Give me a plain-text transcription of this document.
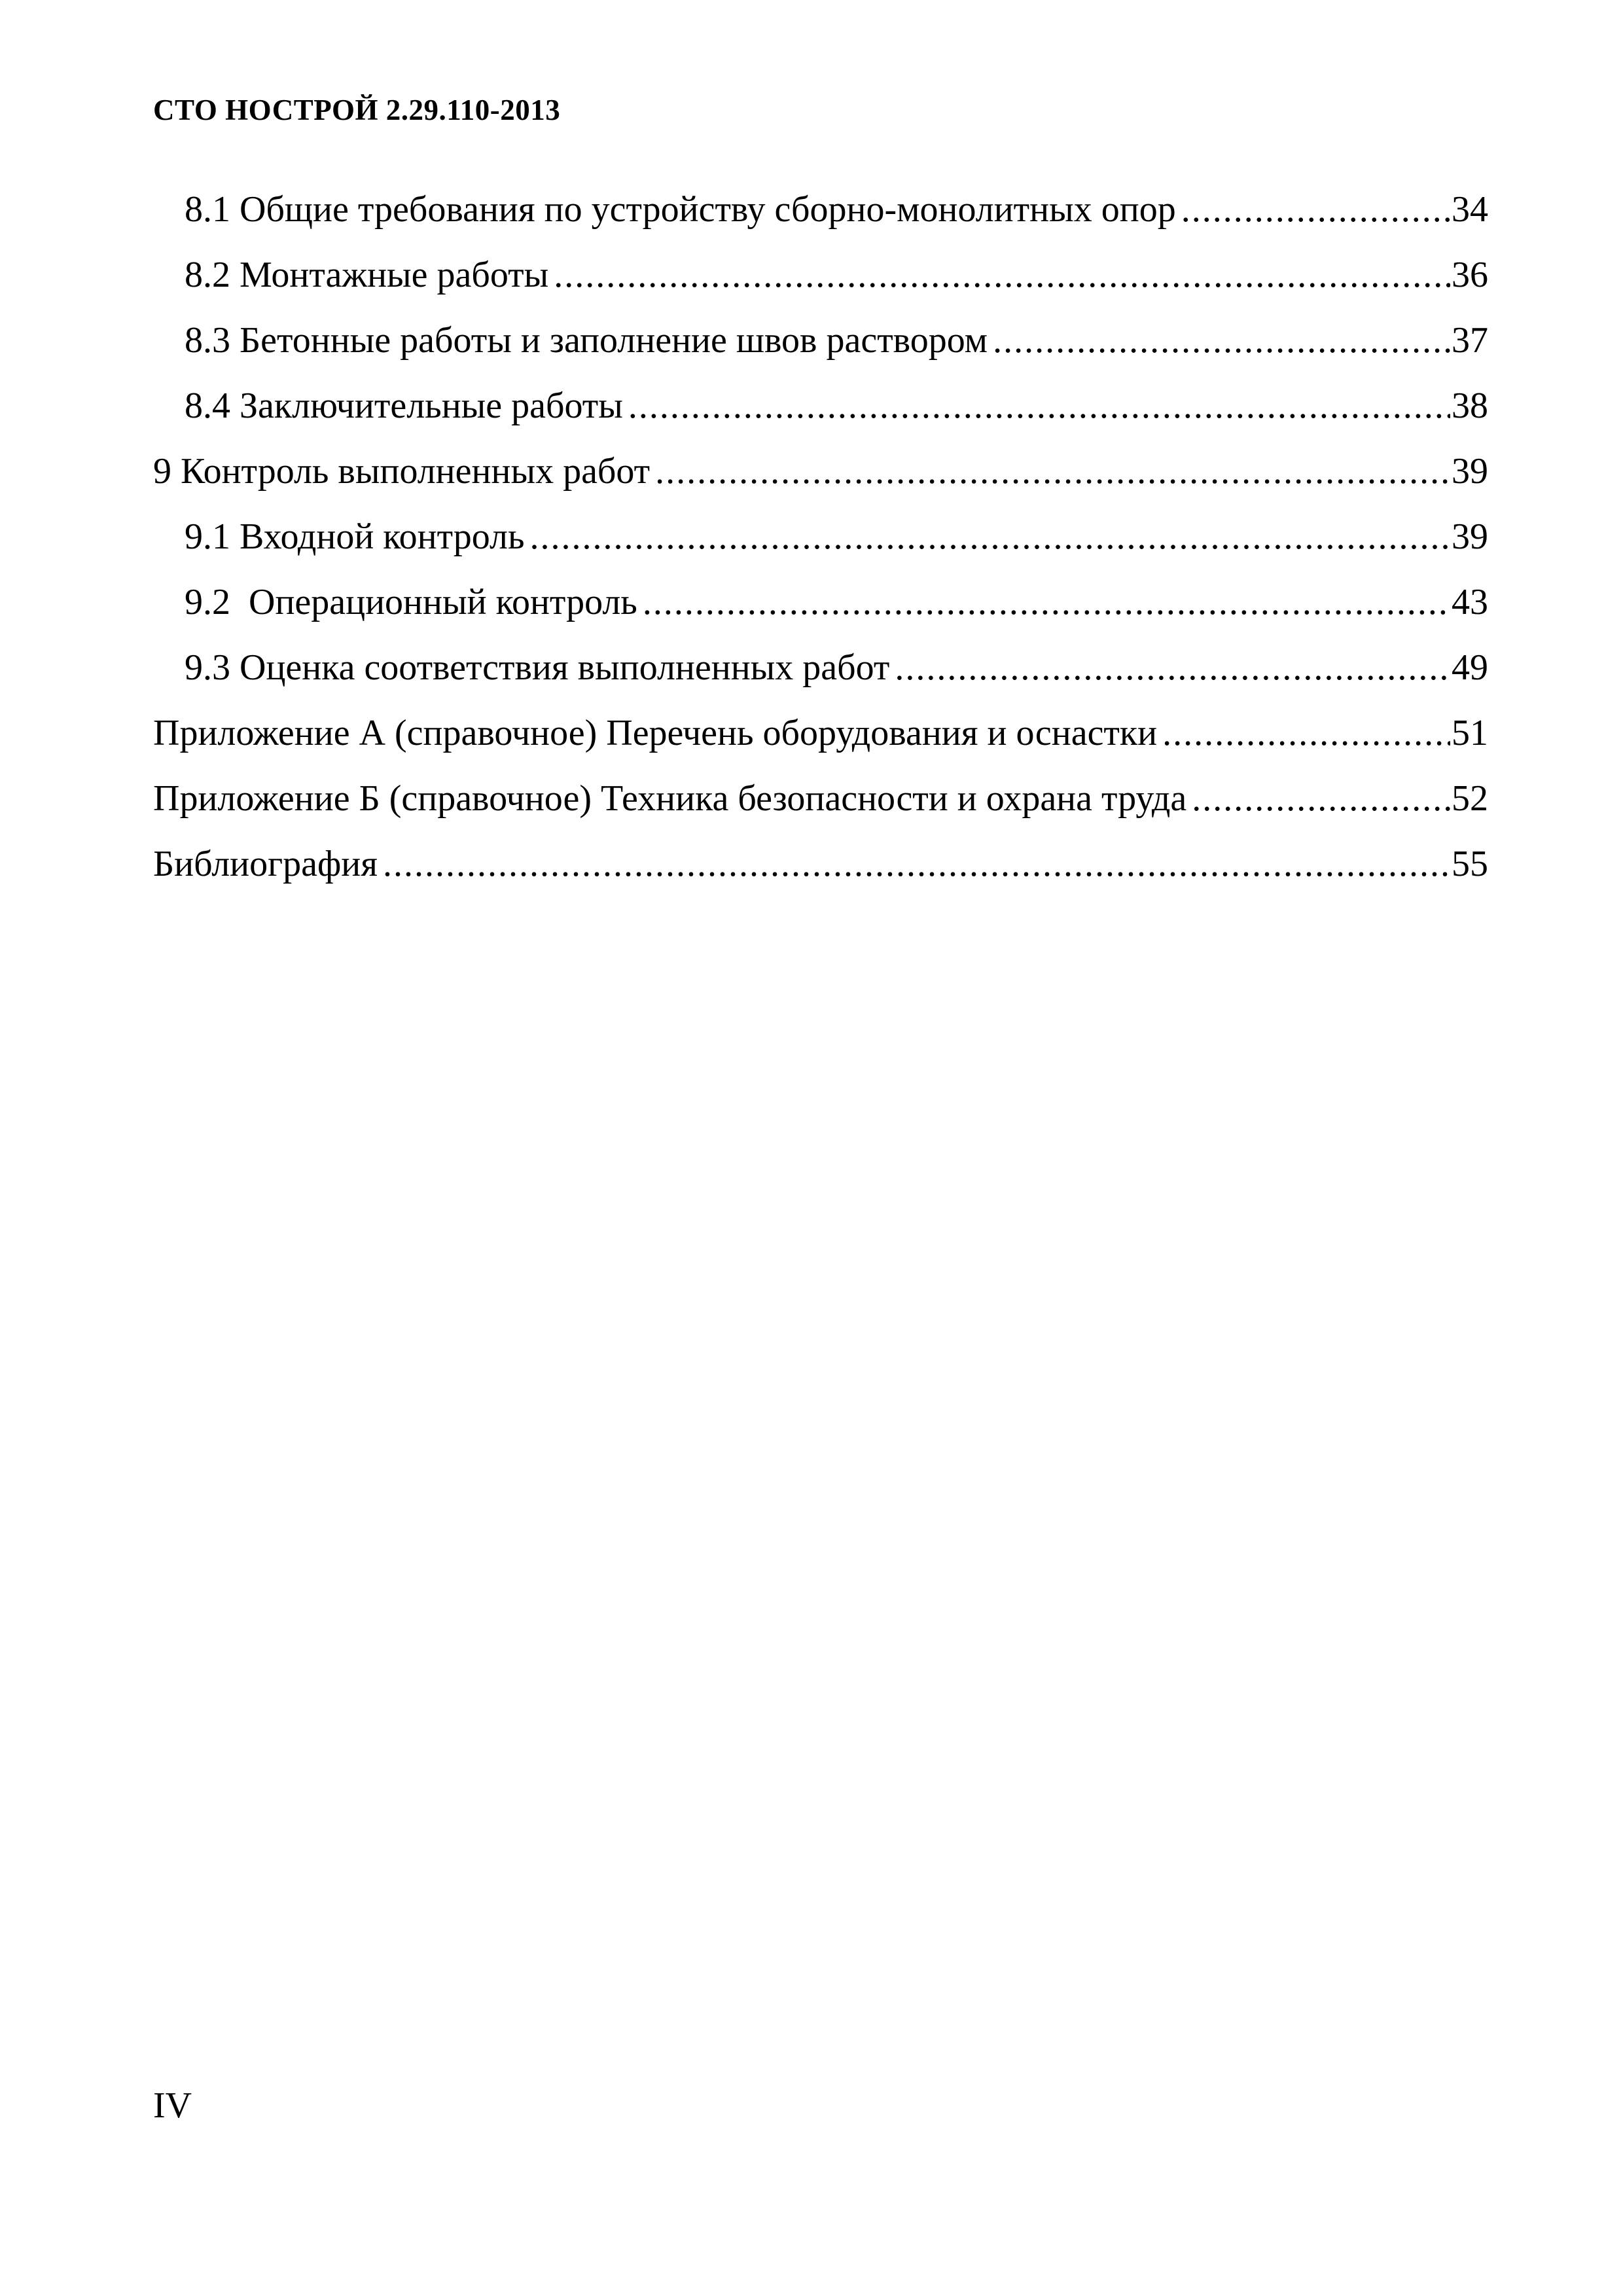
СТО НОСТРОЙ 2.29.110-2013
8.1 Общие требования по устройству сборно-монолитных опор .....	34
8.2 Монтажные работы .....	36
8.3 Бетонные работы и заполнение швов раствором .....	37
8.4 Заключительные работы .....	38
9 Контроль выполненных работ .....	39
9.1 Входной контроль .....	39
9.2  Операционный контроль .....	43
9.3 Оценка соответствия выполненных работ .....	49
Приложение А (справочное) Перечень оборудования и оснастки .....	51
Приложение Б (справочное) Техника безопасности и охрана труда .....	52
Библиография .....	55
IV
